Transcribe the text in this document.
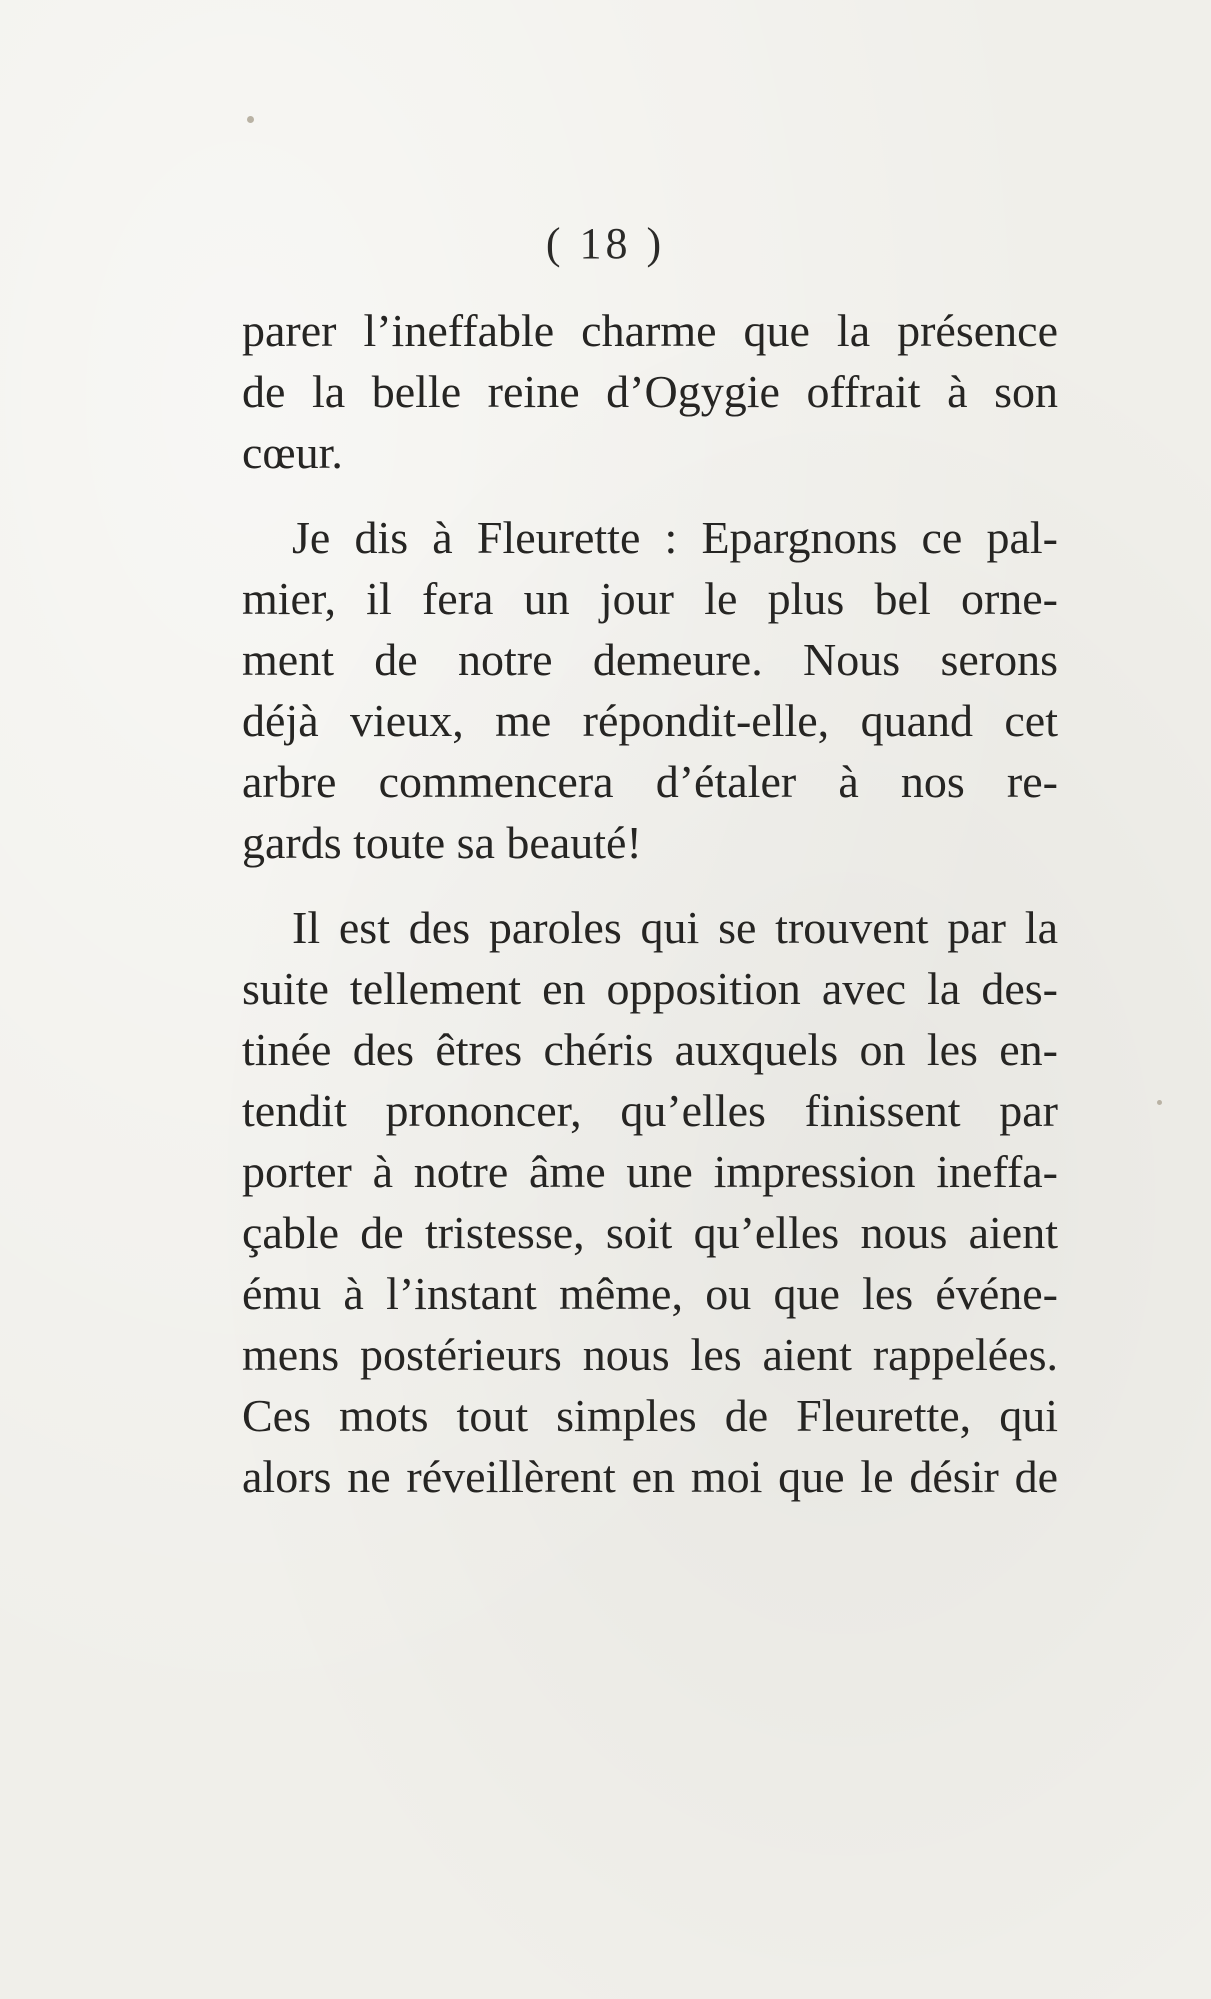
( 18 )
parer l’ineffable charme que la présence
de la belle reine d’Ogygie offrait à son
cœur.
Je dis à Fleurette : Epargnons ce pal-
mier, il fera un jour le plus bel orne-
ment de notre demeure. Nous serons
déjà vieux, me répondit-elle, quand cet
arbre commencera d’étaler à nos re-
gards toute sa beauté!
Il est des paroles qui se trouvent par la
suite tellement en opposition avec la des-
tinée des êtres chéris auxquels on les en-
tendit prononcer, qu’elles finissent par
porter à notre âme une impression ineffa-
çable de tristesse, soit qu’elles nous aient
ému à l’instant même, ou que les événe-
mens postérieurs nous les aient rappelées.
Ces mots tout simples de Fleurette, qui
alors ne réveillèrent en moi que le désir de
